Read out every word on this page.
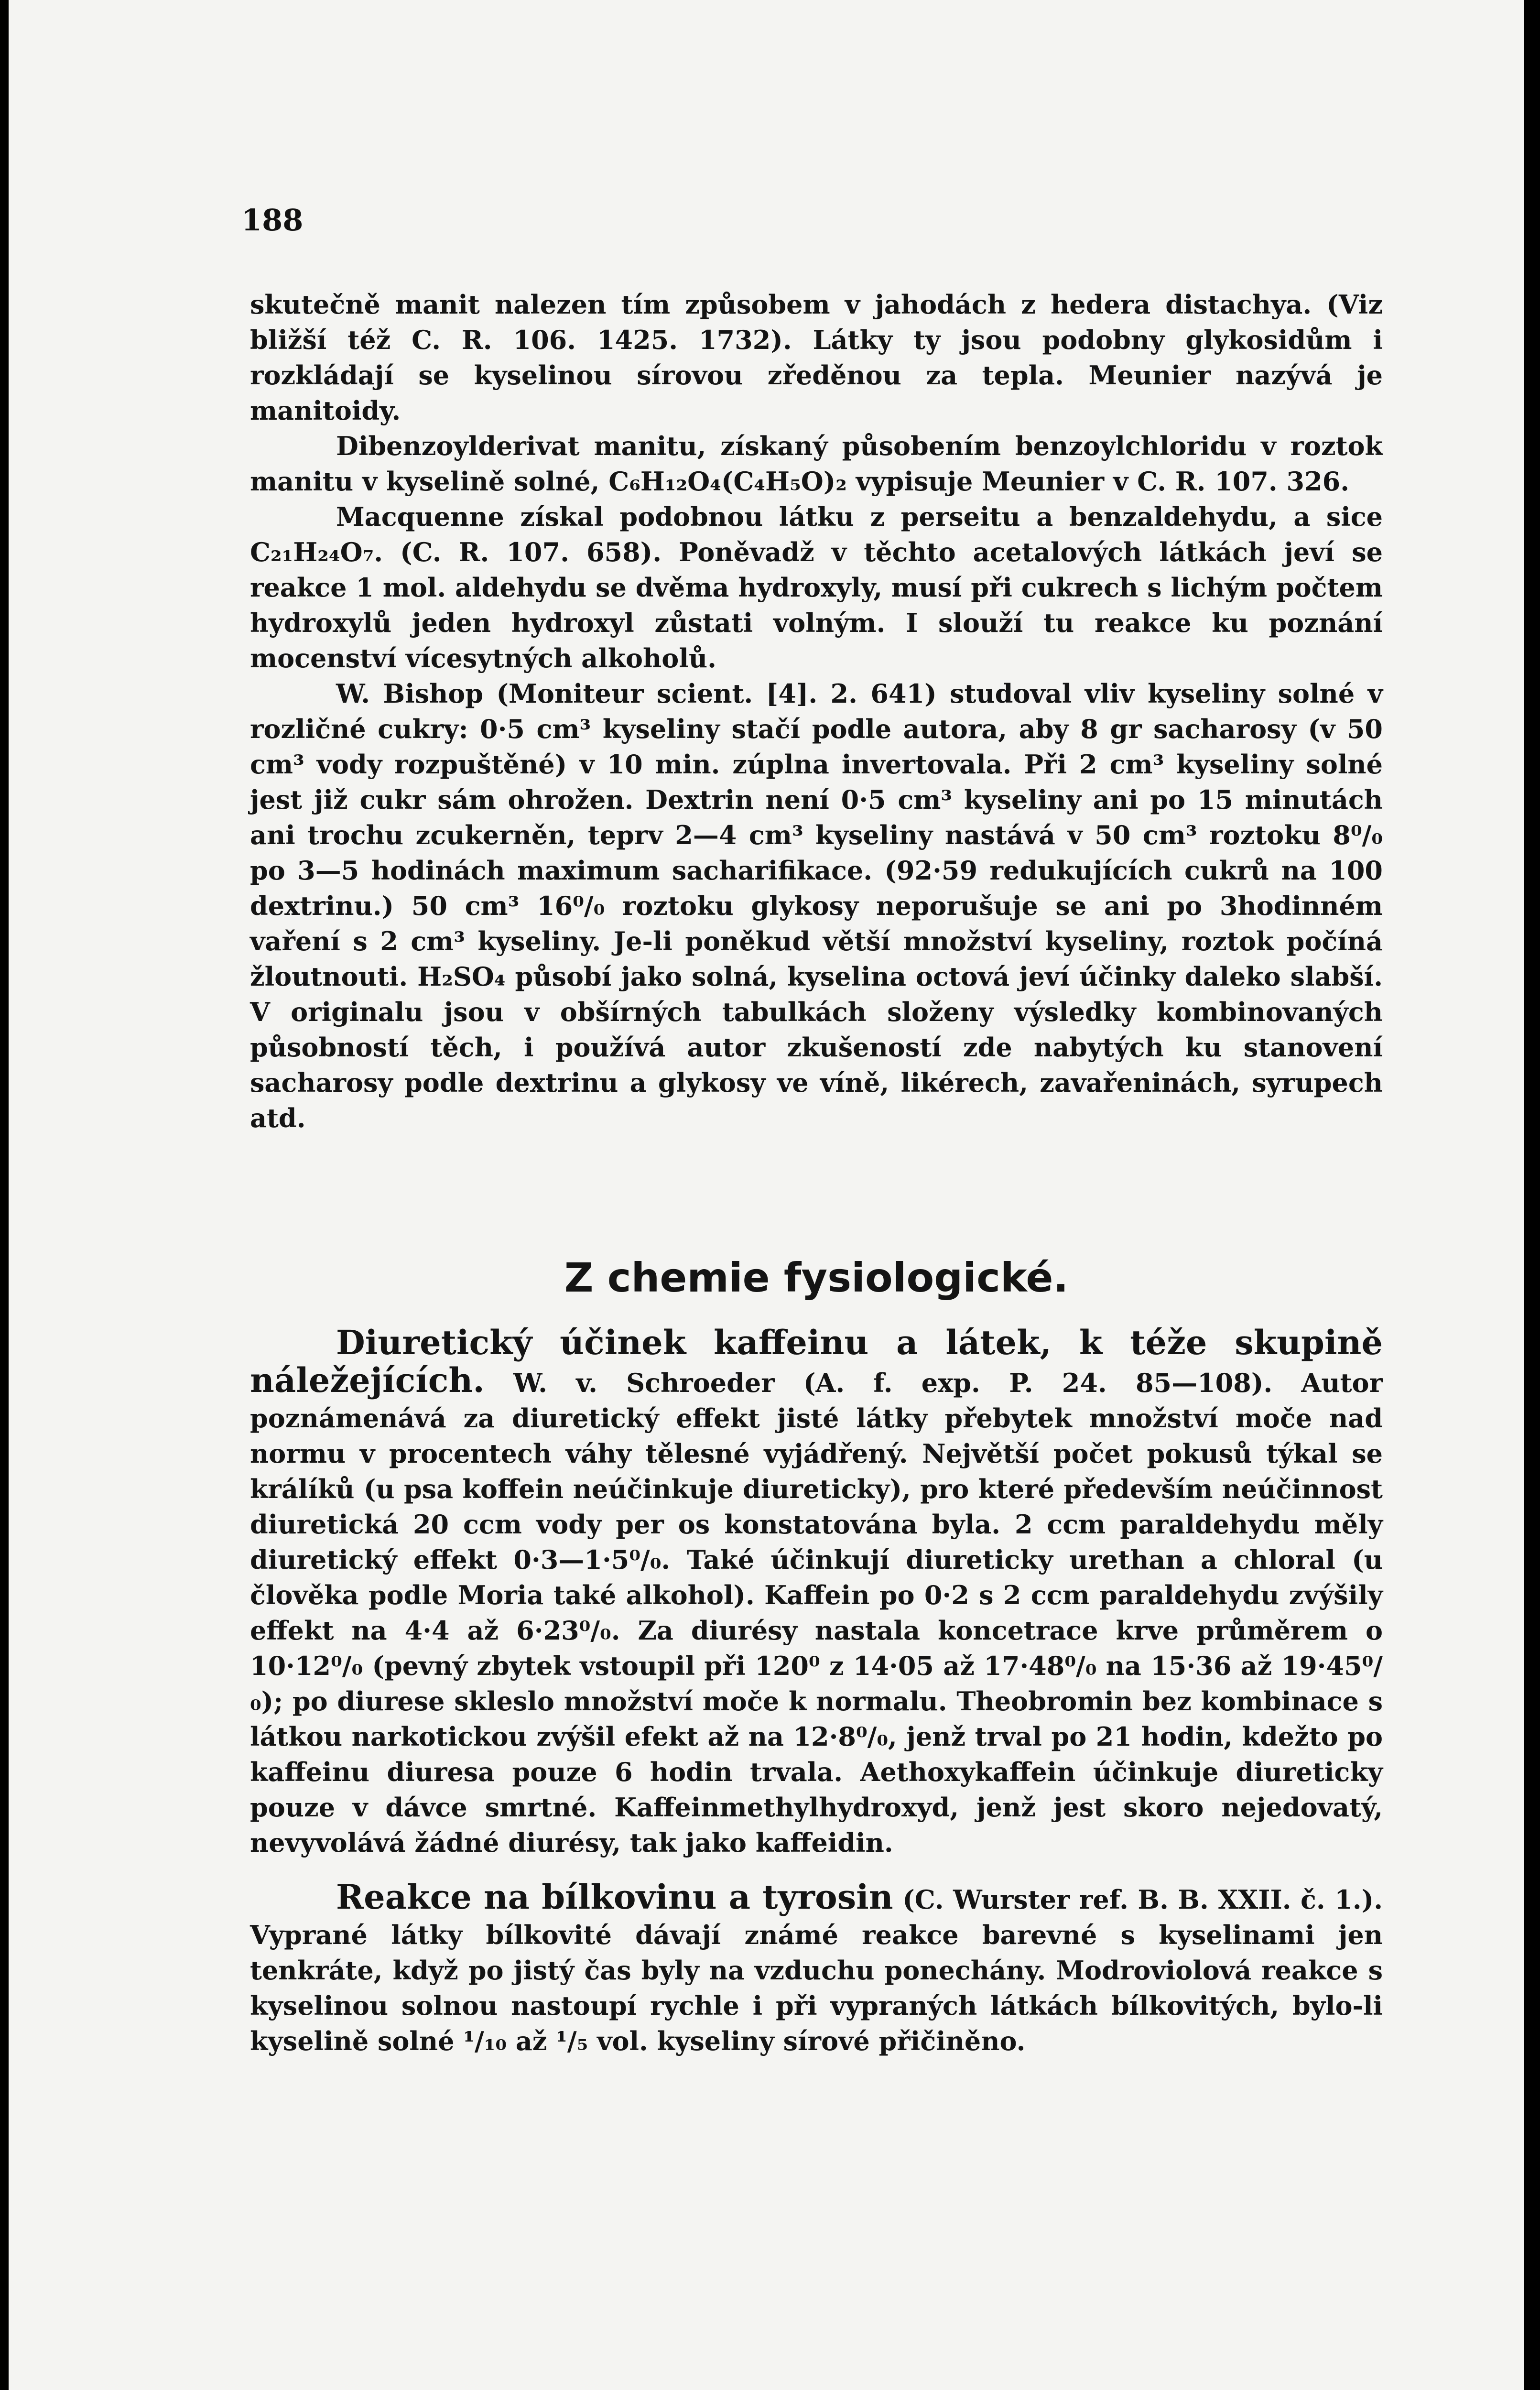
188

skutečně manit nalezen tím způsobem v jahodách z hedera distachya. (Viz bližší též C. R. 106. 1425. 1732). Látky ty jsou podobny glykosidům i rozkládají se kyselinou sírovou zředěnou za tepla. Meunier nazývá je manitoidy.

Dibenzoylderivat manitu, získaný působením benzoylchloridu v roztok manitu v kyselině solné, C₆H₁₂O₄(C₄H₅O)₂ vypisuje Meunier v C. R. 107. 326.

Macquenne získal podobnou látku z perseitu a benzaldehydu, a sice C₂₁H₂₄O₇. (C. R. 107. 658). Poněvadž v těchto acetalových látkách jeví se reakce 1 mol. aldehydu se dvěma hydroxyly, musí při cukrech s lichým počtem hydroxylů jeden hydroxyl zůstati volným. I slouží tu reakce ku poznání mocenství vícesytných alkoholů.

W. Bishop (Moniteur scient. [4]. 2. 641) studoval vliv kyseliny solné v rozličné cukry: 0·5 cm³ kyseliny stačí podle autora, aby 8 gr sacharosy (v 50 cm³ vody rozpuštěné) v 10 min. zúplna invertovala. Při 2 cm³ kyseliny solné jest již cukr sám ohrožen. Dextrin není 0·5 cm³ kyseliny ani po 15 minutách ani trochu zcukerněn, teprv 2—4 cm³ kyseliny nastává v 50 cm³ roztoku 8⁰/₀ po 3—5 hodinách maximum sacharifikace. (92·59 redukujících cukrů na 100 dextrinu.) 50 cm³ 16⁰/₀ roztoku glykosy neporušuje se ani po 3hodinném vaření s 2 cm³ kyseliny. Je-li poněkud větší množství kyseliny, roztok počíná žloutnouti. H₂SO₄ působí jako solná, kyselina octová jeví účinky daleko slabší. V originalu jsou v obšírných tabulkách složeny výsledky kombinovaných působností těch, i používá autor zkušeností zde nabytých ku stanovení sacharosy podle dextrinu a glykosy ve víně, likérech, zavařeninách, syrupech atd.

Z chemie fysiologické.

Diuretický účinek kaffeinu a látek, k téže skupině náležejících. W. v. Schroeder (A. f. exp. P. 24. 85—108). Autor poznámenává za diuretický effekt jisté látky přebytek množství moče nad normu v procentech váhy tělesné vyjádřený. Největší počet pokusů týkal se králíků (u psa koffein neúčinkuje diureticky), pro které především neúčinnost diuretická 20 ccm vody per os konstatována byla. 2 ccm paraldehydu měly diuretický effekt 0·3—1·5⁰/₀. Také účinkují diureticky urethan a chloral (u člověka podle Moria také alkohol). Kaffein po 0·2 s 2 ccm paraldehydu zvýšily effekt na 4·4 až 6·23⁰/₀. Za diurésy nastala koncetrace krve průměrem o 10·12⁰/₀ (pevný zbytek vstoupil při 120⁰ z 14·05 až 17·48⁰/₀ na 15·36 až 19·45⁰/₀); po diurese skleslo množství moče k normalu. Theobromin bez kombinace s látkou narkotickou zvýšil efekt až na 12·8⁰/₀, jenž trval po 21 hodin, kdežto po kaffeinu diuresa pouze 6 hodin trvala. Aethoxykaffein účinkuje diureticky pouze v dávce smrtné. Kaffeinmethylhydroxyd, jenž jest skoro nejedovatý, nevyvolává žádné diurésy, tak jako kaffeidin.

Reakce na bílkovinu a tyrosin (C. Wurster ref. B. B. XXII. č. 1.). Vyprané látky bílkovité dávají známé reakce barevné s kyselinami jen tenkráte, když po jistý čas byly na vzduchu ponechány. Modroviolová reakce s kyselinou solnou nastoupí rychle i při vypraných látkách bílkovitých, bylo-li kyselině solné ¹/₁₀ až ¹/₅ vol. kyseliny sírové přičiněno.
